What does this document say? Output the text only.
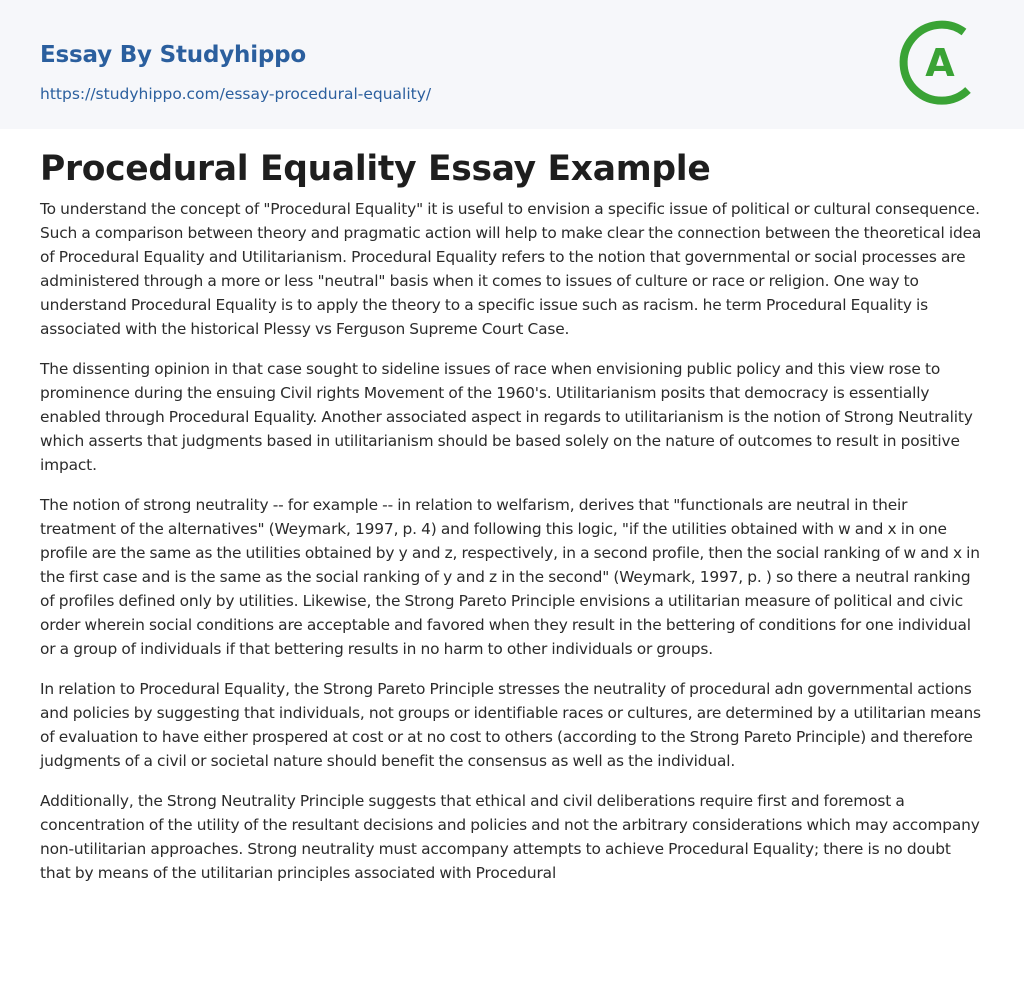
Essay By Studyhippo
https://studyhippo.com/essay-procedural-equality/
A
Procedural Equality Essay Example

To understand the concept of "Procedural Equality" it is useful to envision a specific issue of political or cultural consequence. Such a comparison between theory and pragmatic action will help to make clear the connection between the theoretical idea of Procedural Equality and Utilitarianism. Procedural Equality refers to the notion that governmental or social processes are administered through a more or less "neutral" basis when it comes to issues of culture or race or religion. One way to understand Procedural Equality is to apply the theory to a specific issue such as racism. he term Procedural Equality is associated with the historical Plessy vs Ferguson Supreme Court Case.

The dissenting opinion in that case sought to sideline issues of race when envisioning public policy and this view rose to prominence during the ensuing Civil rights Movement of the 1960's. Utilitarianism posits that democracy is essentially enabled through Procedural Equality. Another associated aspect in regards to utilitarianism is the notion of Strong Neutrality which asserts that judgments based in utilitarianism should be based solely on the nature of outcomes to result in positive impact.

The notion of strong neutrality -- for example -- in relation to welfarism, derives that "functionals are neutral in their treatment of the alternatives" (Weymark, 1997, p. 4) and following this logic, "if the utilities obtained with w and x in one profile are the same as the utilities obtained by y and z, respectively, in a second profile, then the social ranking of w and x in the first case and is the same as the social ranking of y and z in the second" (Weymark, 1997, p. ) so there a neutral ranking of profiles defined only by utilities. Likewise, the Strong Pareto Principle envisions a utilitarian measure of political and civic order wherein social conditions are acceptable and favored when they result in the bettering of conditions for one individual or a group of individuals if that bettering results in no harm to other individuals or groups.

In relation to Procedural Equality, the Strong Pareto Principle stresses the neutrality of procedural adn governmental actions and policies by suggesting that individuals, not groups or identifiable races or cultures, are determined by a utilitarian means of evaluation to have either prospered at cost or at no cost to others (according to the Strong Pareto Principle) and therefore judgments of a civil or societal nature should benefit the consensus as well as the individual.

Additionally, the Strong Neutrality Principle suggests that ethical and civil deliberations require first and foremost a concentration of the utility of the resultant decisions and policies and not the arbitrary considerations which may accompany non-utilitarian approaches. Strong neutrality must accompany attempts to achieve Procedural Equality; there is no doubt that by means of the utilitarian principles associated with Procedural
